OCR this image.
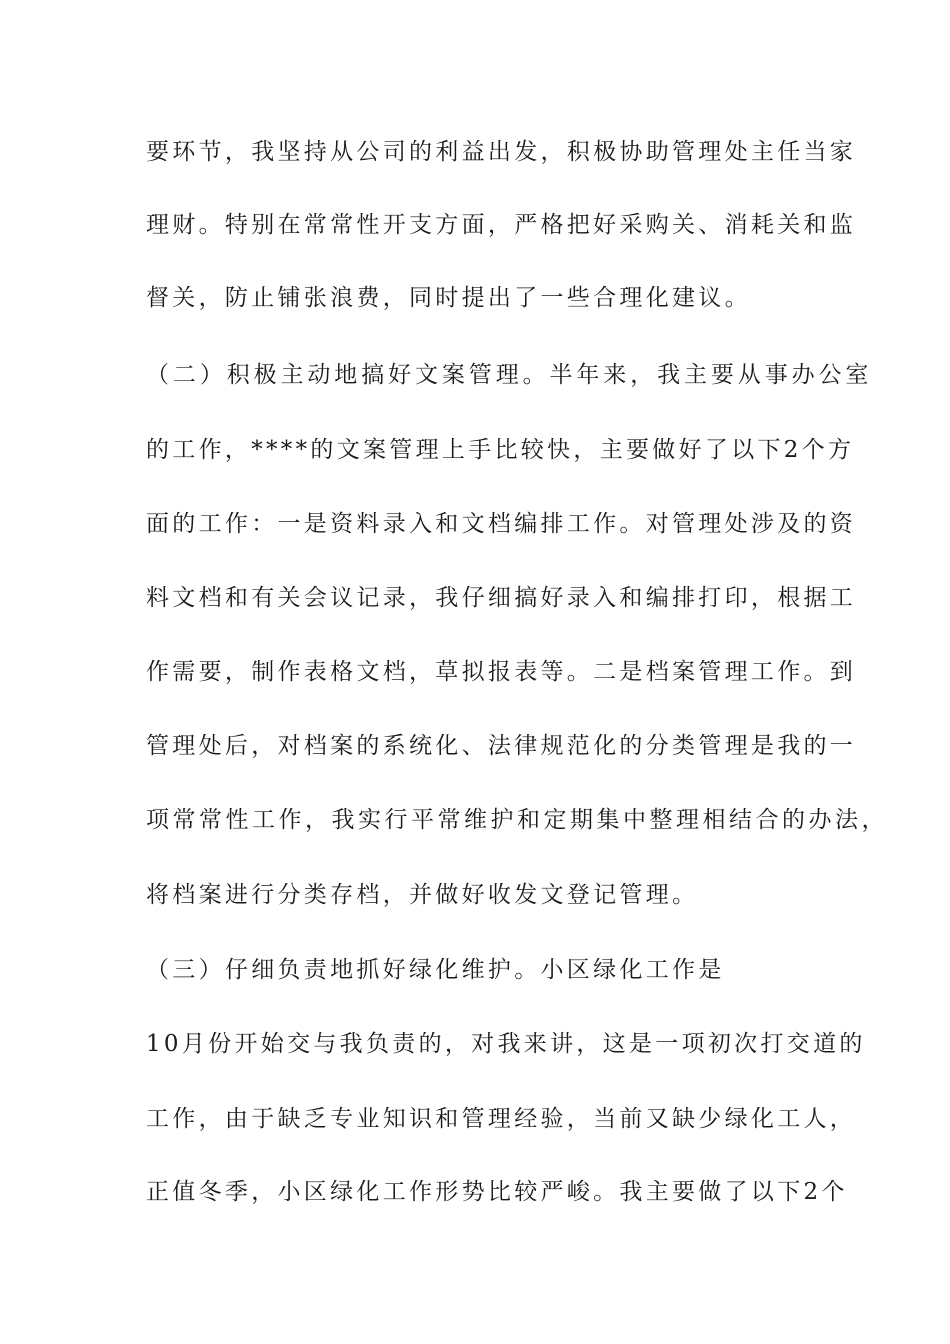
要环节，我坚持从公司的利益出发，积极协助管理处主任当家
理财。特别在常常性开支方面，严格把好采购关、消耗关和监
督关，防止铺张浪费，同时提出了一些合理化建议。
（二）积极主动地搞好文案管理。半年来，我主要从事办公室
的工作，****的文案管理上手比较快，主要做好了以下2个方
面的工作：一是资料录入和文档编排工作。对管理处涉及的资
料文档和有关会议记录，我仔细搞好录入和编排打印，根据工
作需要，制作表格文档，草拟报表等。二是档案管理工作。到
管理处后，对档案的系统化、法律规范化的分类管理是我的一
项常常性工作，我实行平常维护和定期集中整理相结合的办法，
将档案进行分类存档，并做好收发文登记管理。
（三）仔细负责地抓好绿化维护。小区绿化工作是
10月份开始交与我负责的，对我来讲，这是一项初次打交道的
工作，由于缺乏专业知识和管理经验，当前又缺少绿化工人，
正值冬季，小区绿化工作形势比较严峻。我主要做了以下2个
